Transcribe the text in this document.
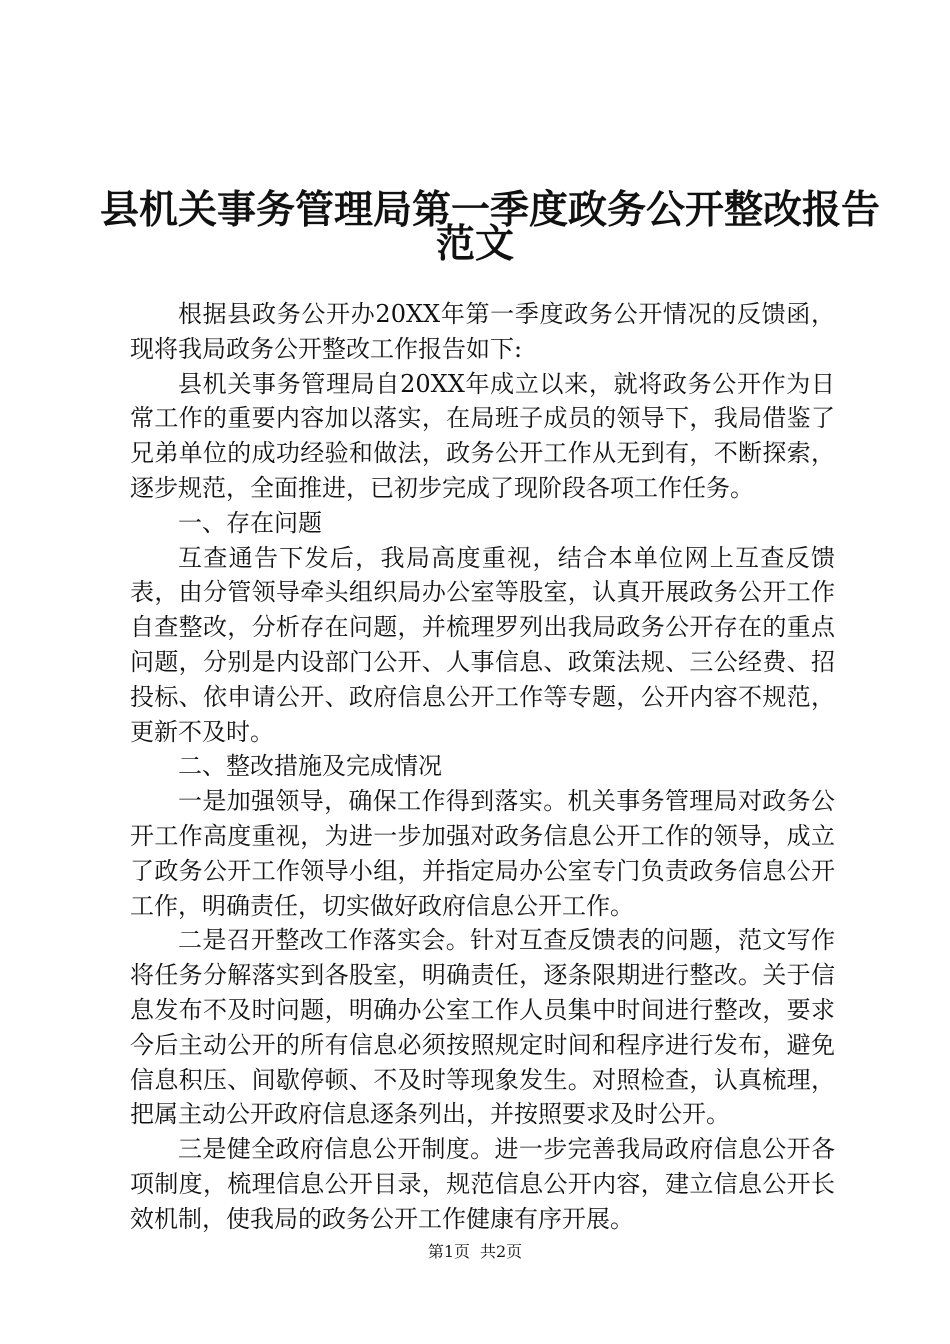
县机关事务管理局第一季度政务公开整改报告
范文

根据县政务公开办20XX年第一季度政务公开情况的反馈函，现将我局政务公开整改工作报告如下:

县机关事务管理局自20XX年成立以来，就将政务公开作为日常工作的重要内容加以落实，在局班子成员的领导下，我局借鉴了兄弟单位的成功经验和做法，政务公开工作从无到有，不断探索，逐步规范，全面推进，已初步完成了现阶段各项工作任务。

一、存在问题

互查通告下发后，我局高度重视，结合本单位网上互查反馈表，由分管领导牵头组织局办公室等股室，认真开展政务公开工作自查整改，分析存在问题，并梳理罗列出我局政务公开存在的重点问题，分别是内设部门公开、人事信息、政策法规、三公经费、招投标、依申请公开、政府信息公开工作等专题，公开内容不规范，更新不及时。

二、整改措施及完成情况

一是加强领导，确保工作得到落实。机关事务管理局对政务公开工作高度重视，为进一步加强对政务信息公开工作的领导，成立了政务公开工作领导小组，并指定局办公室专门负责政务信息公开工作，明确责任，切实做好政府信息公开工作。

二是召开整改工作落实会。针对互查反馈表的问题，范文写作将任务分解落实到各股室，明确责任，逐条限期进行整改。关于信息发布不及时问题，明确办公室工作人员集中时间进行整改，要求今后主动公开的所有信息必须按照规定时间和程序进行发布，避免信息积压、间歇停顿、不及时等现象发生。对照检查，认真梳理，把属主动公开政府信息逐条列出，并按照要求及时公开。

三是健全政府信息公开制度。进一步完善我局政府信息公开各项制度，梳理信息公开目录，规范信息公开内容，建立信息公开长效机制，使我局的政务公开工作健康有序开展。

第1页 共2页
